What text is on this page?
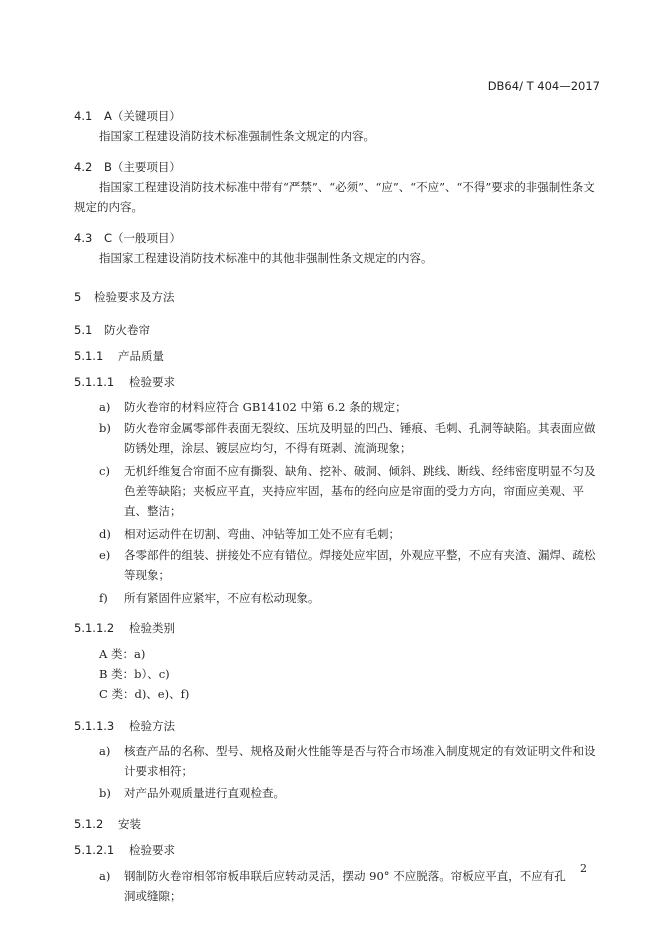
DB64/ T 404—2017
4.1 A（关键项目）
指国家工程建设消防技术标准强制性条文规定的内容。
4.2 B（主要项目）
指国家工程建设消防技术标准中带有“严禁”、“必须”、“应”、“不应”、“不得”要求的非强制性条文规定的内容。
4.3 C（一般项目）
指国家工程建设消防技术标准中的其他非强制性条文规定的内容。
5 检验要求及方法
5.1 防火卷帘
5.1.1 产品质量
5.1.1.1 检验要求
a) 防火卷帘的材料应符合 GB14102 中第 6.2 条的规定；
b) 防火卷帘金属零部件表面无裂纹、压坑及明显的凹凸、锤痕、毛刺、孔洞等缺陷。其表面应做防锈处理，涂层、镀层应均匀，不得有斑剥、流淌现象；
c) 无机纤维复合帘面不应有撕裂、缺角、挖补、破洞、倾斜、跳线、断线、经纬密度明显不匀及色差等缺陷；夹板应平直，夹持应牢固，基布的经向应是帘面的受力方向，帘面应美观、平直、整洁；
d) 相对运动件在切割、弯曲、冲钻等加工处不应有毛刺；
e) 各零部件的组装、拼接处不应有错位。焊接处应牢固，外观应平整，不应有夹渣、漏焊、疏松等现象；
f) 所有紧固件应紧牢，不应有松动现象。
5.1.1.2 检验类别
A 类：a)
B 类：b）、c)
C 类：d)、e)、f)
5.1.1.3 检验方法
a) 核查产品的名称、型号、规格及耐火性能等是否与符合市场准入制度规定的有效证明文件和设计要求相符；
b) 对产品外观质量进行直观检查。
5.1.2 安装
5.1.2.1 检验要求
a) 钢制防火卷帘相邻帘板串联后应转动灵活，摆动 90° 不应脱落。帘板应平直，不应有孔洞或缝隙；
2
